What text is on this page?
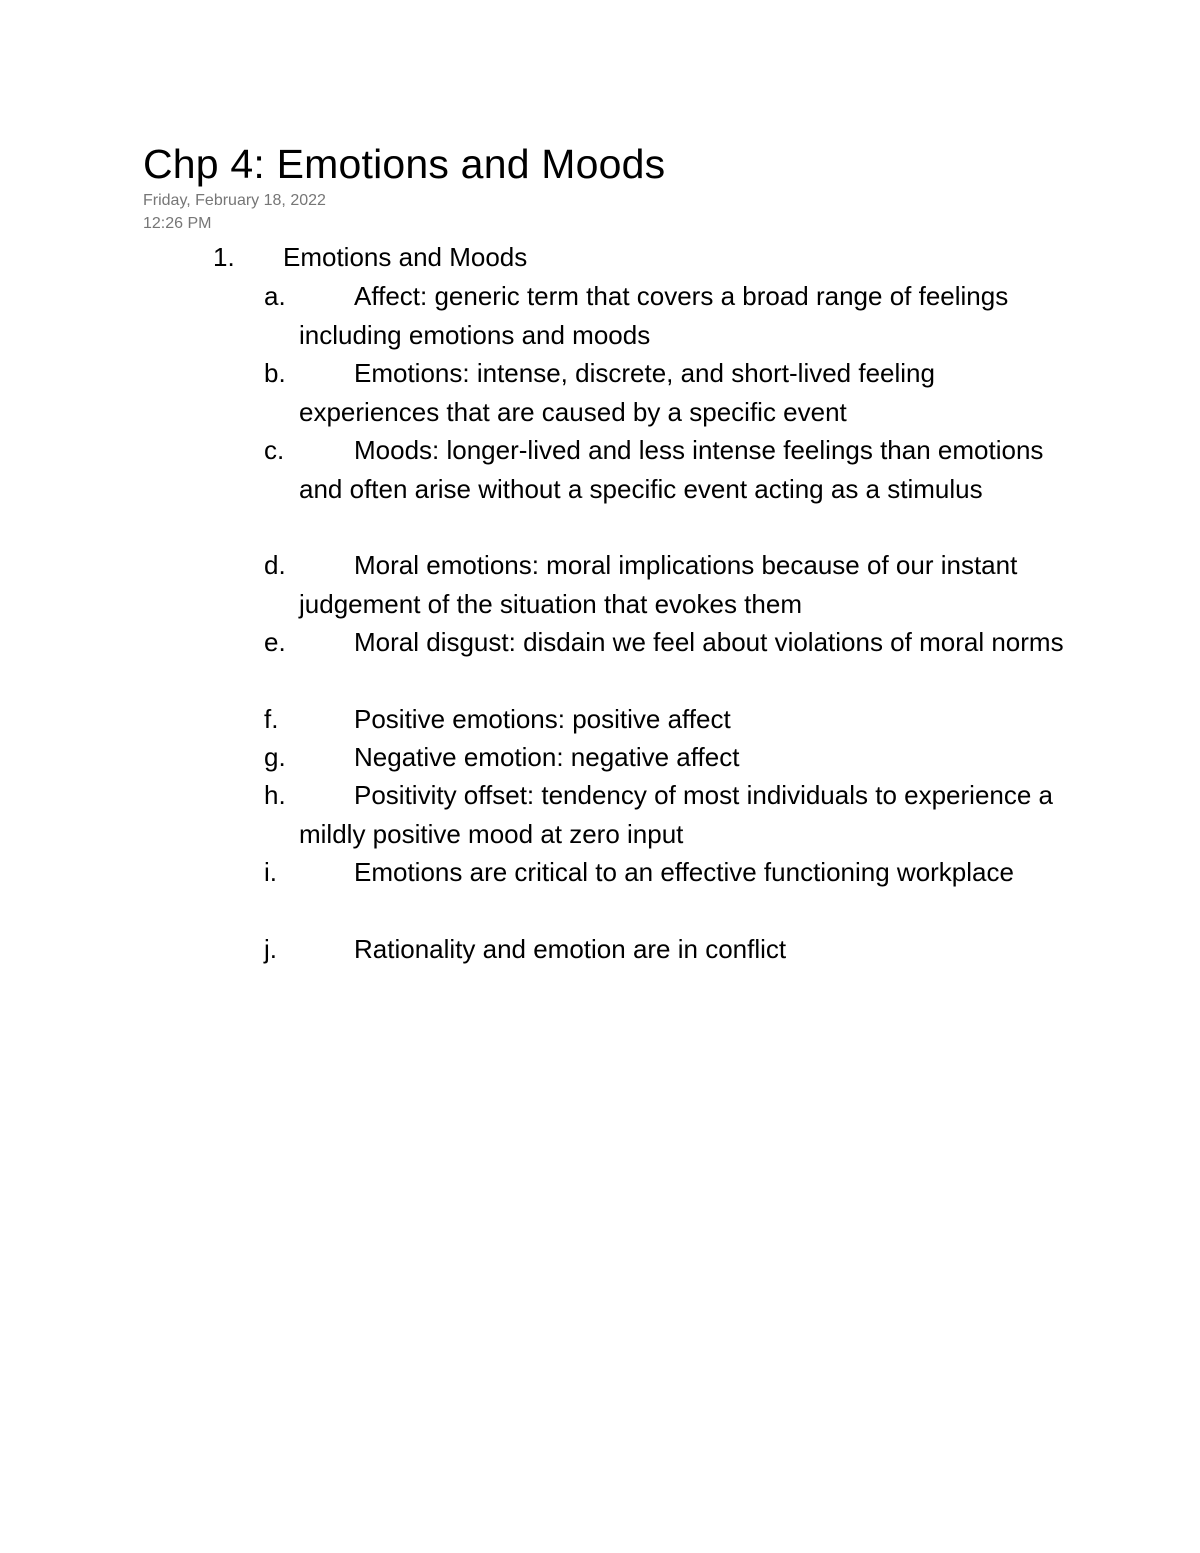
Chp 4: Emotions and Moods
Friday, February 18, 2022
12:26 PM
1. Emotions and Moods
a.	Affect: generic term that covers a broad range of feelings including emotions and moods
b.	Emotions: intense, discrete, and short-lived feeling experiences that are caused by a specific event
c.	Moods: longer-lived and less intense feelings than emotions and often arise without a specific event acting as a stimulus
d.	Moral emotions: moral implications because of our instant judgement of the situation that evokes them
e.	Moral disgust: disdain we feel about violations of moral norms
f.	Positive emotions: positive affect
g.	Negative emotion: negative affect
h.	Positivity offset: tendency of most individuals to experience a mildly positive mood at zero input
i.	Emotions are critical to an effective functioning workplace
j.	Rationality and emotion are in conflict
